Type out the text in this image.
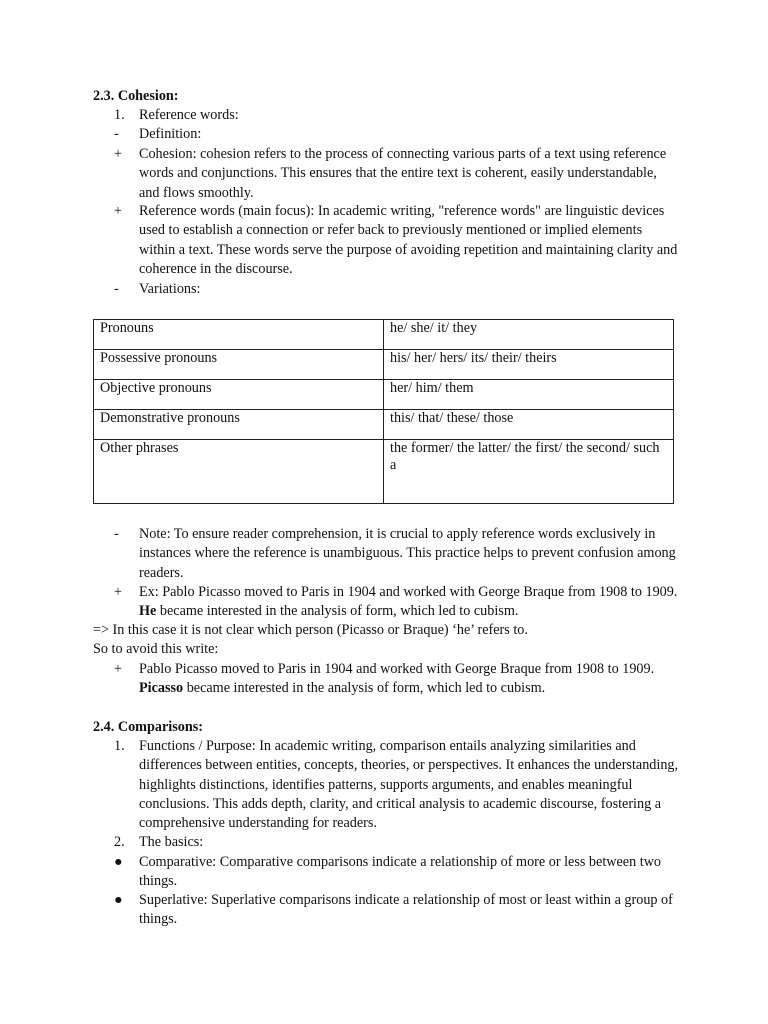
2.3. Cohesion:
1.	Reference words:
-	Definition:
+	Cohesion: cohesion refers to the process of connecting various parts of a text using reference words and conjunctions. This ensures that the entire text is coherent, easily understandable, and flows smoothly.
+	Reference words (main focus): In academic writing, "reference words" are linguistic devices used to establish a connection or refer back to previously mentioned or implied elements within a text. These words serve the purpose of avoiding repetition and maintaining clarity and coherence in the discourse.
-	Variations:
Pronouns	he/ she/ it/ they
Possessive pronouns	his/ her/ hers/ its/ their/ theirs
Objective pronouns	her/ him/ them
Demonstrative pronouns	this/ that/ these/ those
Other phrases	the former/ the latter/ the first/ the second/ such a
-	Note: To ensure reader comprehension, it is crucial to apply reference words exclusively in instances where the reference is unambiguous. This practice helps to prevent confusion among readers.
+	Ex: Pablo Picasso moved to Paris in 1904 and worked with George Braque from 1908 to 1909. He became interested in the analysis of form, which led to cubism.
=> In this case it is not clear which person (Picasso or Braque) ‘he’ refers to.
So to avoid this write:
+	Pablo Picasso moved to Paris in 1904 and worked with George Braque from 1908 to 1909. Picasso became interested in the analysis of form, which led to cubism.
2.4. Comparisons:
1.	Functions / Purpose: In academic writing, comparison entails analyzing similarities and differences between entities, concepts, theories, or perspectives. It enhances the understanding, highlights distinctions, identifies patterns, supports arguments, and enables meaningful conclusions. This adds depth, clarity, and critical analysis to academic discourse, fostering a comprehensive understanding for readers.
2.	The basics:
●	Comparative: Comparative comparisons indicate a relationship of more or less between two things.
●	Superlative: Superlative comparisons indicate a relationship of most or least within a group of things.
